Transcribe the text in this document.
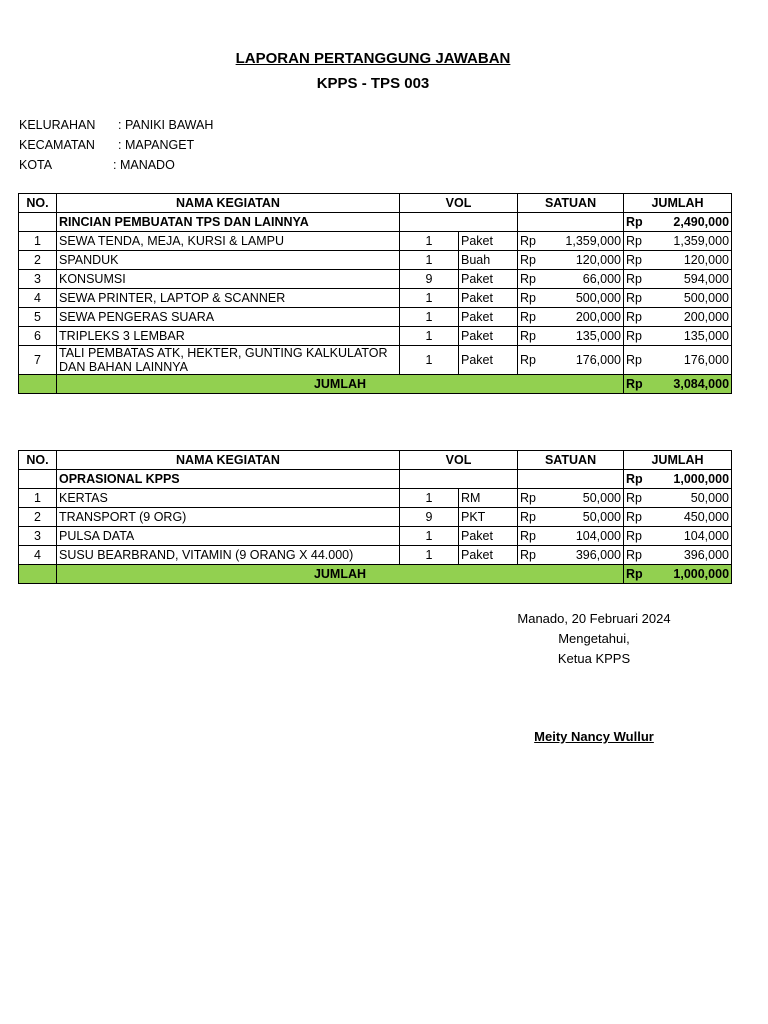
LAPORAN PERTANGGUNG JAWABAN
KPPS - TPS 003
KELURAHAN : PANIKI BAWAH
KECAMATAN : MAPANGET
KOTA	: MANADO
NO.	NAMA KEGIATAN	VOL		SATUAN		JUMLAH	
	RINCIAN PEMBUATAN TPS DAN LAINNYA					Rp	2,490,000
1	SEWA TENDA, MEJA, KURSI & LAMPU	1	Paket	Rp	1,359,000	Rp	1,359,000
2	SPANDUK	1	Buah	Rp	120,000	Rp	120,000
3	KONSUMSI	9	Paket	Rp	66,000	Rp	594,000
4	SEWA PRINTER, LAPTOP & SCANNER	1	Paket	Rp	500,000	Rp	500,000
5	SEWA PENGERAS SUARA	1	Paket	Rp	200,000	Rp	200,000
6	TRIPLEKS 3 LEMBAR	1	Paket	Rp	135,000	Rp	135,000
7	TALI PEMBATAS ATK, HEKTER, GUNTING KALKULATOR DAN BAHAN LAINNYA	1	Paket	Rp	176,000	Rp	176,000
	JUMLAH					Rp	3,084,000
NO.	NAMA KEGIATAN	VOL		SATUAN		JUMLAH	
	OPRASIONAL KPPS					Rp	1,000,000
1	KERTAS	1	RM	Rp	50,000	Rp	50,000
2	TRANSPORT (9 ORG)	9	PKT	Rp	50,000	Rp	450,000
3	PULSA DATA	1	Paket	Rp	104,000	Rp	104,000
4	SUSU BEARBRAND, VITAMIN (9 ORANG X 44.000)	1	Paket	Rp	396,000	Rp	396,000
	JUMLAH					Rp	1,000,000
Manado, 20 Februari 2024
Mengetahui,
Ketua KPPS
Meity Nancy Wullur
